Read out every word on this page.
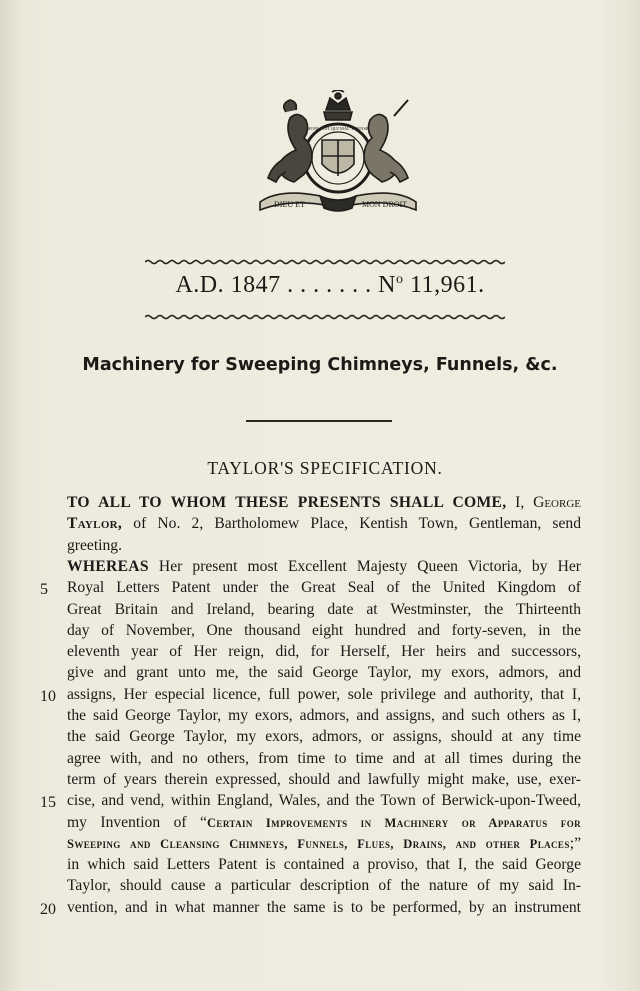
DIEU ET	MON DROIT
HONI SOIT QUI MAL Y PENSE
A.D. 1847 . . . . . . . $N^o$ 11,961.
Machinery for Sweeping Chimneys, Funnels, &c.
TAYLOR'S SPECIFICATION.
TO ALL TO WHOM THESE PRESENTS SHALL COME, I, George
Taylor, of No. 2, Bartholomew Place, Kentish Town, Gentleman, send
greeting.
WHEREAS Her present most Excellent Majesty Queen Victoria, by Her
Royal Letters Patent under the Great Seal of the United Kingdom of
Great Britain and Ireland, bearing date at Westminster, the Thirteenth
day of November, One thousand eight hundred and forty-seven, in the
eleventh year of Her reign, did, for Herself, Her heirs and successors,
give and grant unto me, the said George Taylor, my exors, admors, and
assigns, Her especial licence, full power, sole privilege and authority, that I,
the said George Taylor, my exors, admors, and assigns, and such others as I,
the said George Taylor, my exors, admors, or assigns, should at any time
agree with, and no others, from time to time and at all times during the
term of years therein expressed, should and lawfully might make, use, exer-
cise, and vend, within England, Wales, and the Town of Berwick-upon-Tweed,
my Invention of “Certain Improvements in Machinery or Apparatus for
Sweeping and Cleansing Chimneys, Funnels, Flues, Drains, and other Places;”
in which said Letters Patent is contained a proviso, that I, the said George
Taylor, should cause a particular description of the nature of my said In-
vention, and in what manner the same is to be performed, by an instrument
5
10
15
20
